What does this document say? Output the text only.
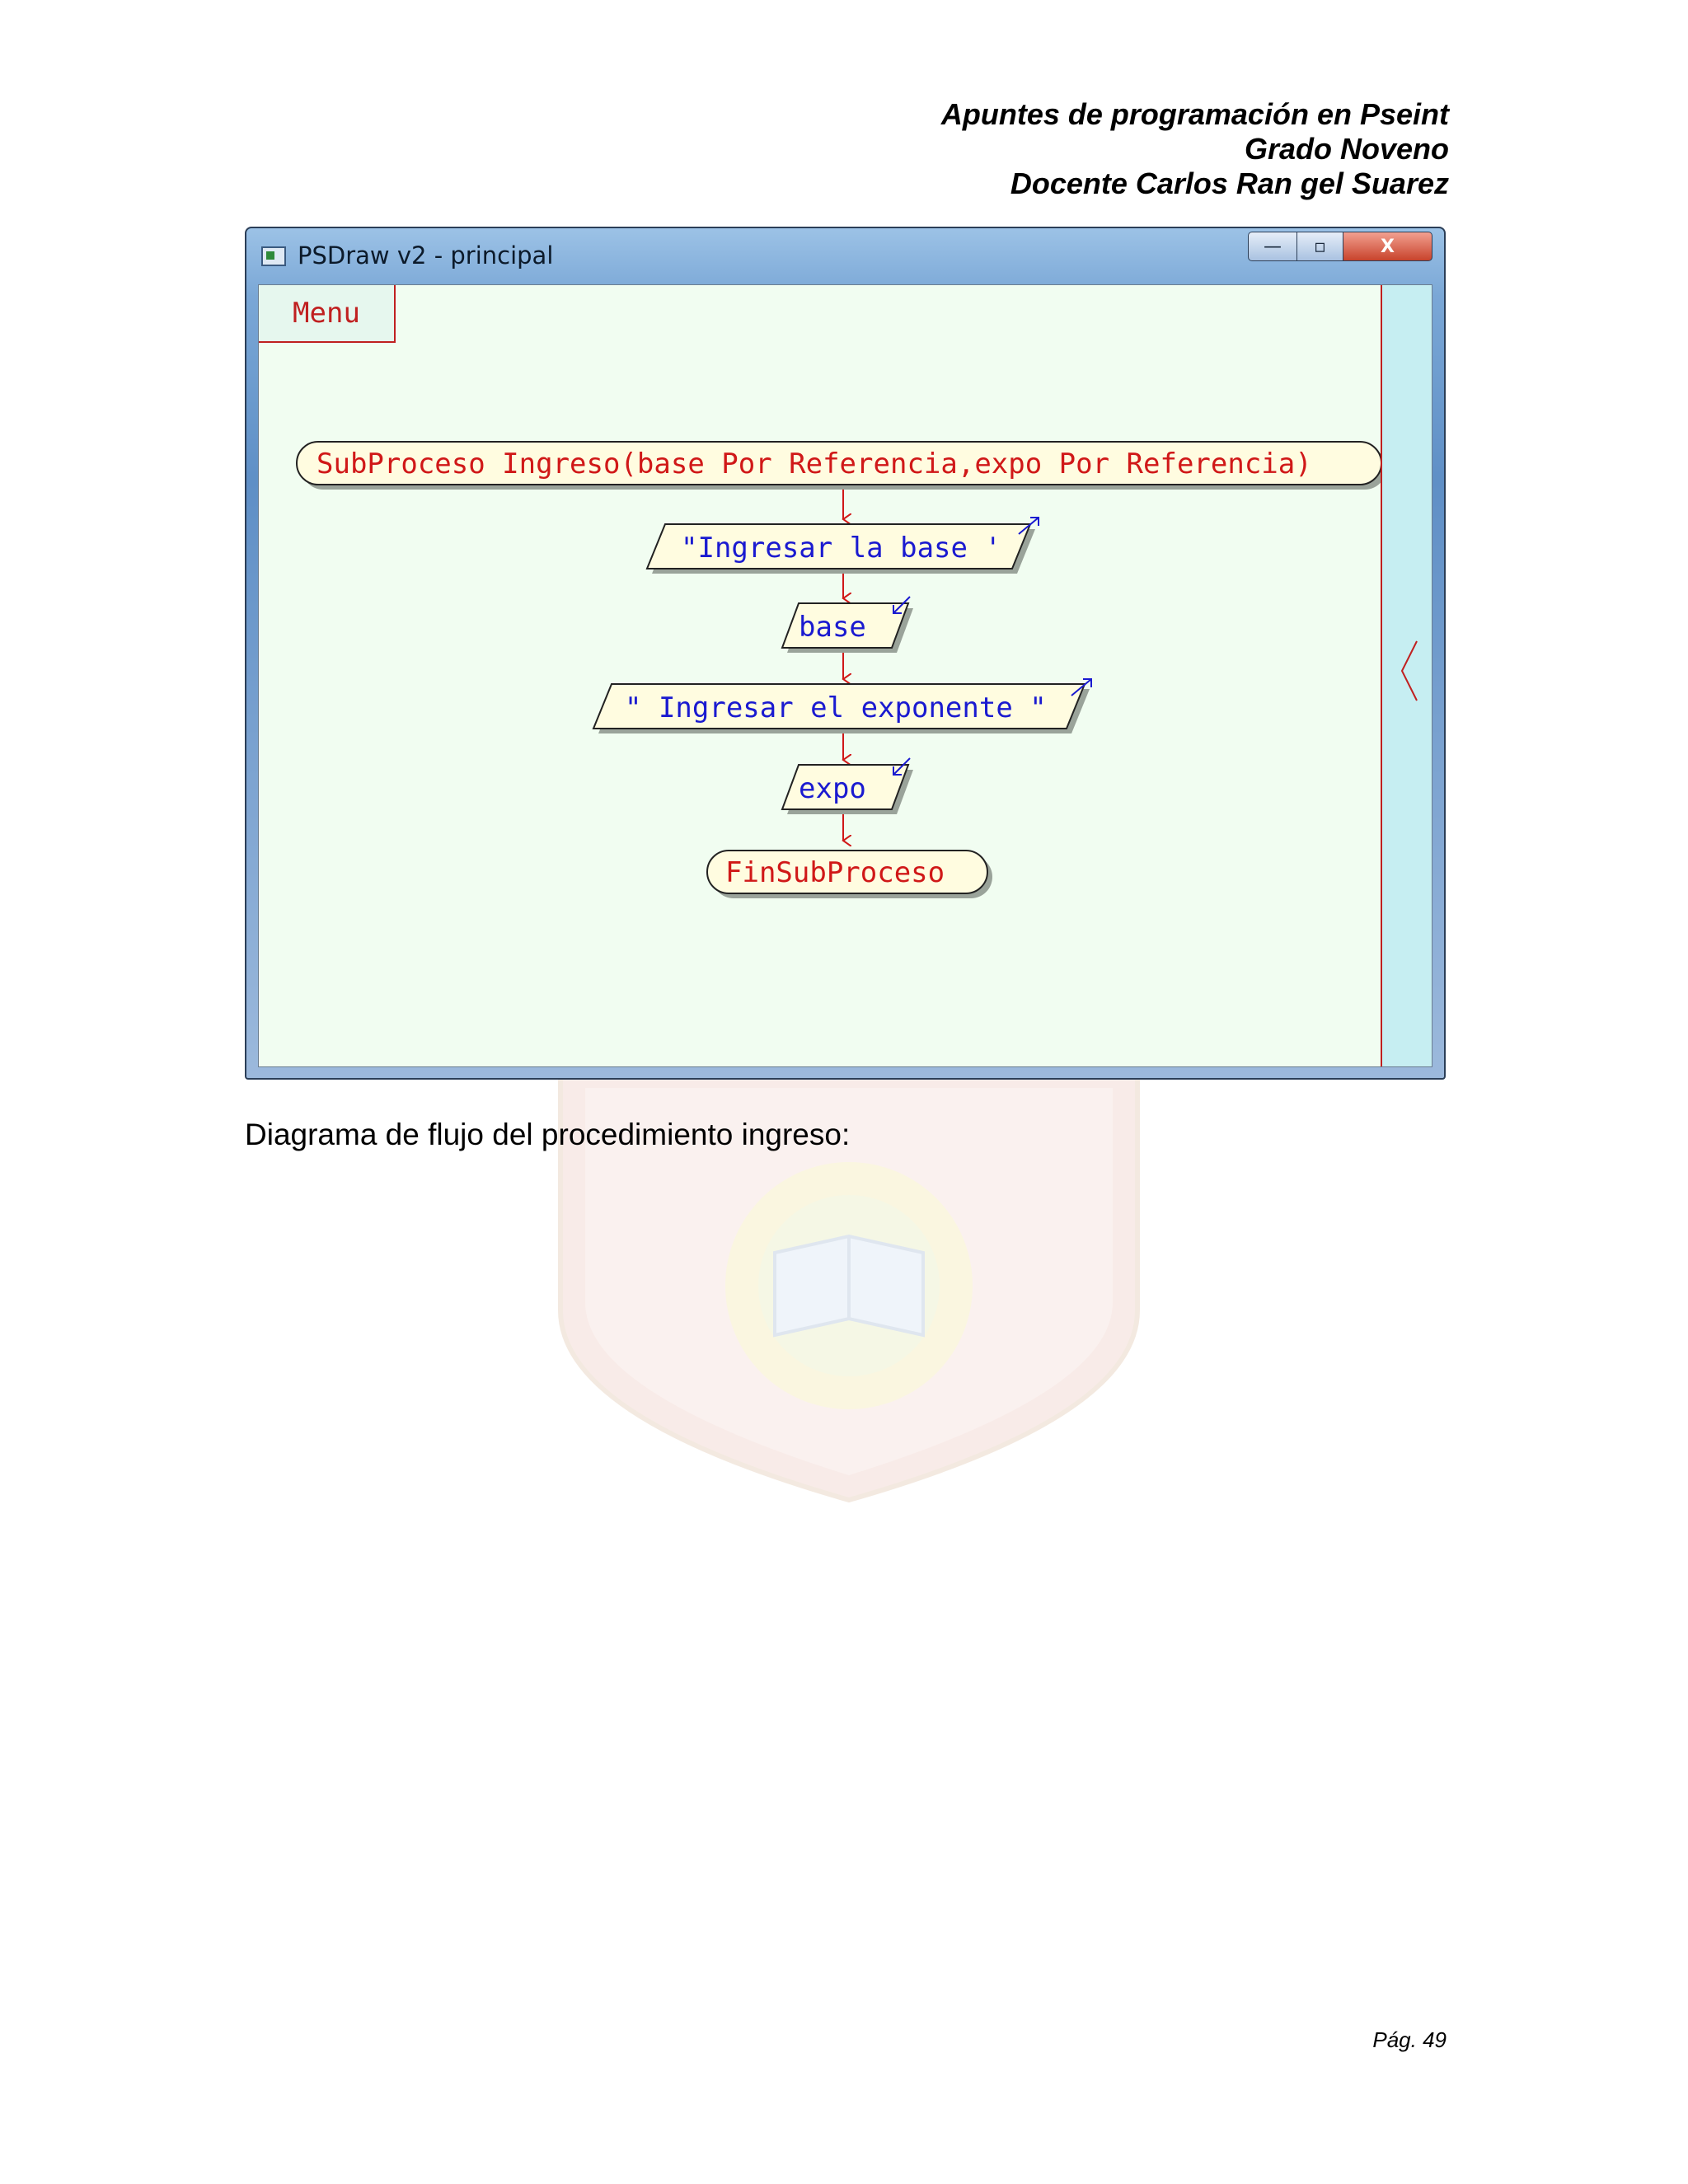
Apuntes de programación en Pseint
Grado Noveno
Docente Carlos Ran gel Suarez
PSDraw v2 - principal	—	▫	X
Menu
SubProceso Ingreso(base Por Referencia,expo Por Referencia)
"Ingresar la base '
base
" Ingresar el exponente "
expo
FinSubProceso
Diagrama de flujo del procedimiento ingreso:
Pág. 49
